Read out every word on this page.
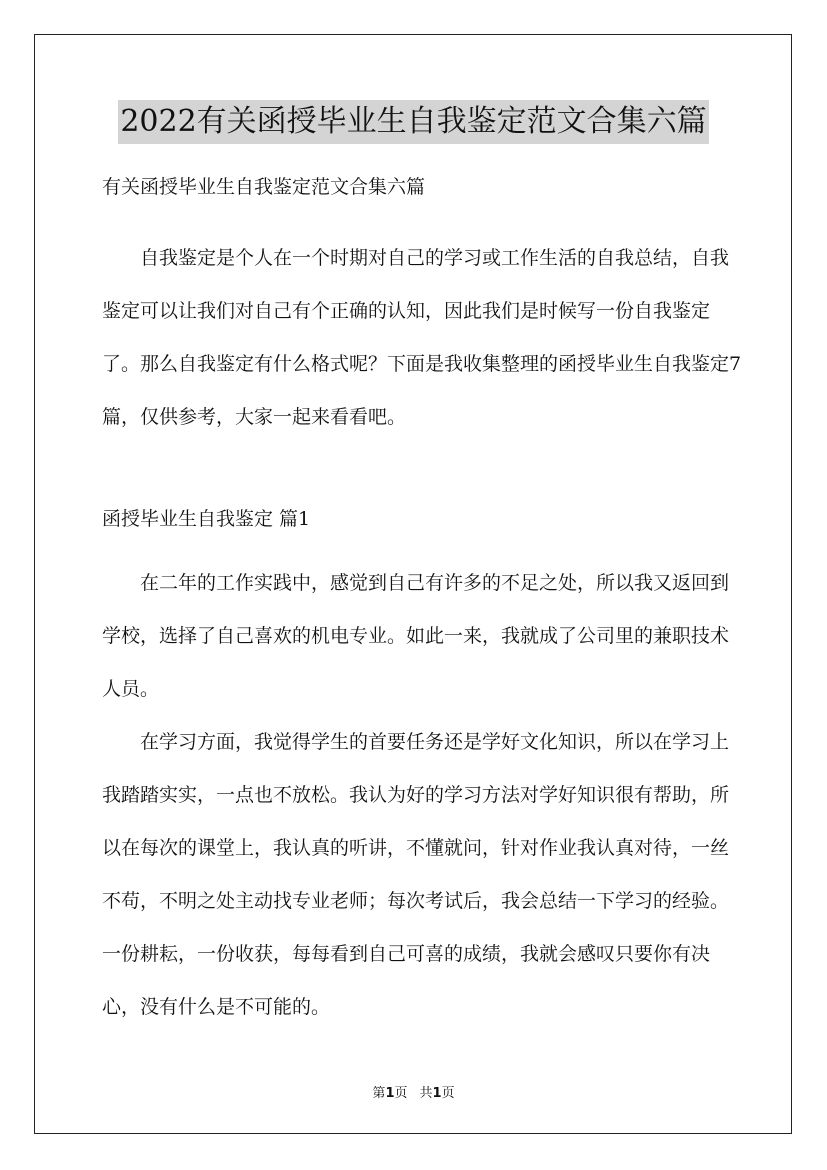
2022有关函授毕业生自我鉴定范文合集六篇
有关函授毕业生自我鉴定范文合集六篇

自我鉴定是个人在一个时期对自己的学习或工作生活的自我总结，自我鉴定可以让我们对自己有个正确的认知，因此我们是时候写一份自我鉴定了。那么自我鉴定有什么格式呢？下面是我收集整理的函授毕业生自我鉴定7篇，仅供参考，大家一起来看看吧。

函授毕业生自我鉴定 篇1

在二年的工作实践中，感觉到自己有许多的不足之处，所以我又返回到学校，选择了自己喜欢的机电专业。如此一来，我就成了公司里的兼职技术人员。

在学习方面，我觉得学生的首要任务还是学好文化知识，所以在学习上我踏踏实实，一点也不放松。我认为好的学习方法对学好知识很有帮助，所以在每次的课堂上，我认真的听讲，不懂就问，针对作业我认真对待，一丝不苟，不明之处主动找专业老师；每次考试后，我会总结一下学习的经验。一份耕耘，一份收获，每每看到自己可喜的成绩，我就会感叹只要你有决心，没有什么是不可能的。

第1页 共1页
